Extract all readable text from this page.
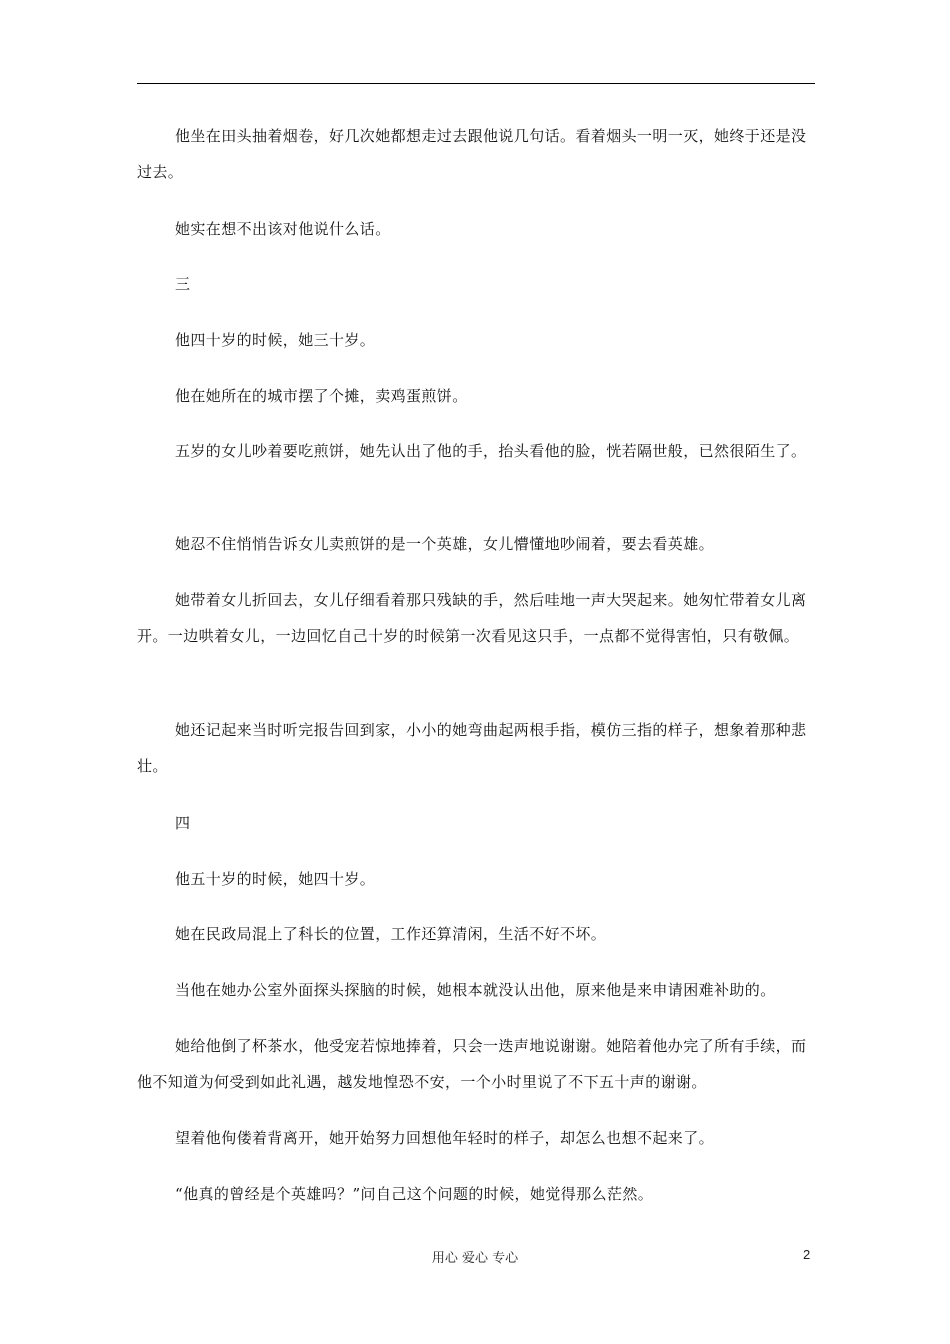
他坐在田头抽着烟卷，好几次她都想走过去跟他说几句话。看着烟头一明一灭，她终于还是没过去。

她实在想不出该对他说什么话。

三

他四十岁的时候，她三十岁。

他在她所在的城市摆了个摊，卖鸡蛋煎饼。

五岁的女儿吵着要吃煎饼，她先认出了他的手，抬头看他的脸，恍若隔世般，已然很陌生了。

她忍不住悄悄告诉女儿卖煎饼的是一个英雄，女儿懵懂地吵闹着，要去看英雄。

她带着女儿折回去，女儿仔细看着那只残缺的手，然后哇地一声大哭起来。她匆忙带着女儿离开。一边哄着女儿，一边回忆自己十岁的时候第一次看见这只手，一点都不觉得害怕，只有敬佩。

她还记起来当时听完报告回到家，小小的她弯曲起两根手指，模仿三指的样子，想象着那种悲壮。

四

他五十岁的时候，她四十岁。

她在民政局混上了科长的位置，工作还算清闲，生活不好不坏。

当他在她办公室外面探头探脑的时候，她根本就没认出他，原来他是来申请困难补助的。

她给他倒了杯茶水，他受宠若惊地捧着，只会一迭声地说谢谢。她陪着他办完了所有手续，而他不知道为何受到如此礼遇，越发地惶恐不安，一个小时里说了不下五十声的谢谢。

望着他佝偻着背离开，她开始努力回想他年轻时的样子，却怎么也想不起来了。

“他真的曾经是个英雄吗？”问自己这个问题的时候，她觉得那么茫然。

用心 爱心 专心	2
